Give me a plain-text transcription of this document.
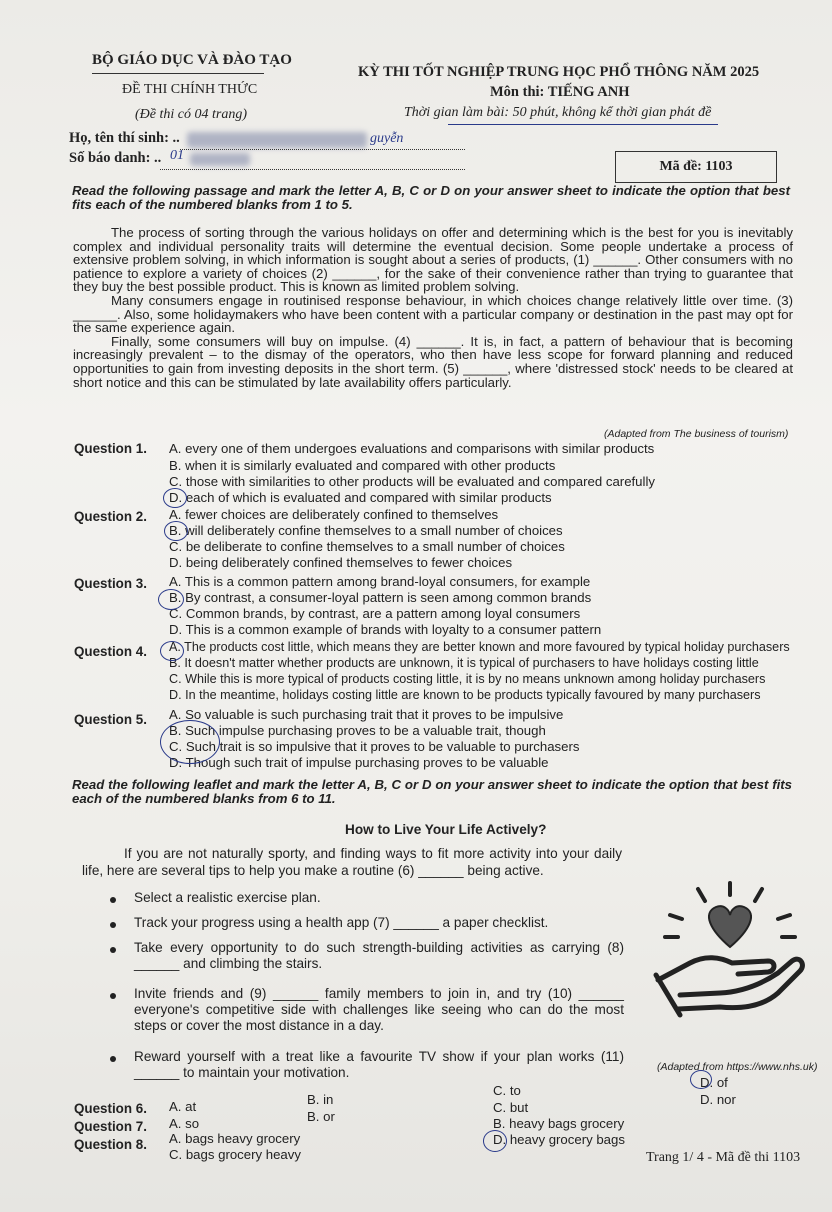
BỘ GIÁO DỤC VÀ ĐÀO TẠO
ĐỀ THI CHÍNH THỨC
(Đề thi có 04 trang)
KỲ THI TỐT NGHIỆP TRUNG HỌC PHỔ THÔNG NĂM 2025
Môn thi: TIẾNG ANH
Thời gian làm bài: 50 phút, không kể thời gian phát đề
Họ, tên thí sinh: ..	guyễn
Số báo danh: .. 01
Mã đề: 1103
Read the following passage and mark the letter A, B, C or D on your answer sheet to indicate the option that best fits each of the numbered blanks from 1 to 5.

The process of sorting through the various holidays on offer and determining which is the best for you is inevitably complex and individual personality traits will determine the eventual decision. Some people undertake a process of extensive problem solving, in which information is sought about a series of products, (1) ______. Other consumers with no patience to explore a variety of choices (2) ______, for the sake of their convenience rather than trying to guarantee that they buy the best possible product. This is known as limited problem solving.

Many consumers engage in routinised response behaviour, in which choices change relatively little over time. (3) ______. Also, some holidaymakers who have been content with a particular company or destination in the past may opt for the same experience again.

Finally, some consumers will buy on impulse. (4) ______. It is, in fact, a pattern of behaviour that is becoming increasingly prevalent – to the dismay of the operators, who then have less scope for forward planning and reduced opportunities to gain from investing deposits in the short term. (5) ______, where 'distressed stock' needs to be cleared at short notice and this can be stimulated by late availability offers particularly.

(Adapted from The business of tourism)
Question 1. A. every one of them undergoes evaluations and comparisons with similar products
B. when it is similarly evaluated and compared with other products
C. those with similarities to other products will be evaluated and compared carefully
D. each of which is evaluated and compared with similar products
Question 2. A. fewer choices are deliberately confined to themselves
B. will deliberately confine themselves to a small number of choices
C. be deliberate to confine themselves to a small number of choices
D. being deliberately confined themselves to fewer choices
Question 3. A. This is a common pattern among brand-loyal consumers, for example
B. By contrast, a consumer-loyal pattern is seen among common brands
C. Common brands, by contrast, are a pattern among loyal consumers
D. This is a common example of brands with loyalty to a consumer pattern
Question 4. A. The products cost little, which means they are better known and more favoured by typical holiday purchasers
B. It doesn't matter whether products are unknown, it is typical of purchasers to have holidays costing little
C. While this is more typical of products costing little, it is by no means unknown among holiday purchasers
D. In the meantime, holidays costing little are known to be products typically favoured by many purchasers
Question 5. A. So valuable is such purchasing trait that it proves to be impulsive
B. Such impulse purchasing proves to be a valuable trait, though
C. Such trait is so impulsive that it proves to be valuable to purchasers
D. Though such trait of impulse purchasing proves to be valuable
Read the following leaflet and mark the letter A, B, C or D on your answer sheet to indicate the option that best fits each of the numbered blanks from 6 to 11.
How to Live Your Life Actively?
If you are not naturally sporty, and finding ways to fit more activity into your daily life, here are several tips to help you make a routine (6) ______ being active.
Select a realistic exercise plan.
Track your progress using a health app (7) ______ a paper checklist.
Take every opportunity to do such strength-building activities as carrying (8) ______ and climbing the stairs.
Invite friends and (9) ______ family members to join in, and try (10) ______ everyone's competitive side with challenges like seeing who can do the most steps or cover the most distance in a day.
Reward yourself with a treat like a favourite TV show if your plan works (11) ______ to maintain your motivation.	(Adapted from https://www.nhs.uk)
Question 6. A. at	B. in
C. to
D. of
Question 7. A. so	B. or
C. but
D. nor
Question 8. A. bags heavy grocery
C. bags grocery heavy
B. heavy bags grocery
D. heavy grocery bags
Trang 1/ 4 - Mã đề thi 1103
